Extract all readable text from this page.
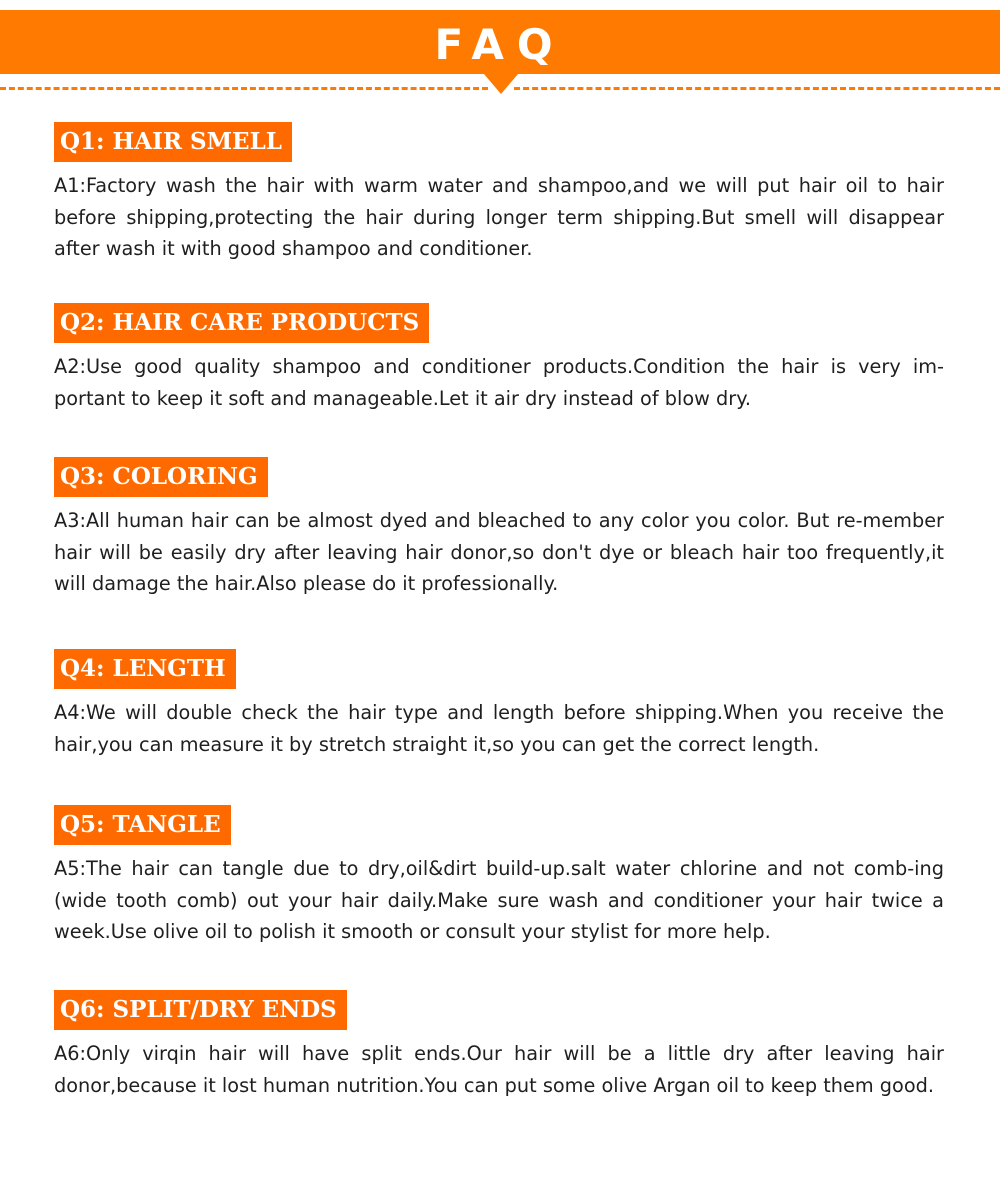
FAQ
Q1: HAIR SMELL
A1:Factory wash the hair with warm water and shampoo,and we will put hair oil to hair before shipping,protecting the hair during longer term shipping.But smell will disappear after wash it with good shampoo and conditioner.
Q2: HAIR CARE PRODUCTS
A2:Use good quality shampoo and conditioner products.Condition the hair is very im-portant to keep it soft and manageable.Let it air dry instead of blow dry.
Q3: COLORING
A3:All human hair can be almost dyed and bleached to any color you color. But re-member hair will be easily dry after leaving hair donor,so don't dye or bleach hair too frequently,it will damage the hair.Also please do it professionally.
Q4: LENGTH
A4:We will double check the hair type and length before shipping.When you receive the hair,you can measure it by stretch straight it,so you can get the correct length.
Q5: TANGLE
A5:The hair can tangle due to dry,oil&dirt build-up.salt water chlorine and not comb-ing (wide tooth comb) out your hair daily.Make sure wash and conditioner your hair twice a week.Use olive oil to polish it smooth or consult your stylist for more help.
Q6: SPLIT/DRY ENDS
A6:Only virqin hair will have split ends.Our hair will be a little dry after leaving hair donor,because it lost human nutrition.You can put some olive Argan oil to keep them good.
